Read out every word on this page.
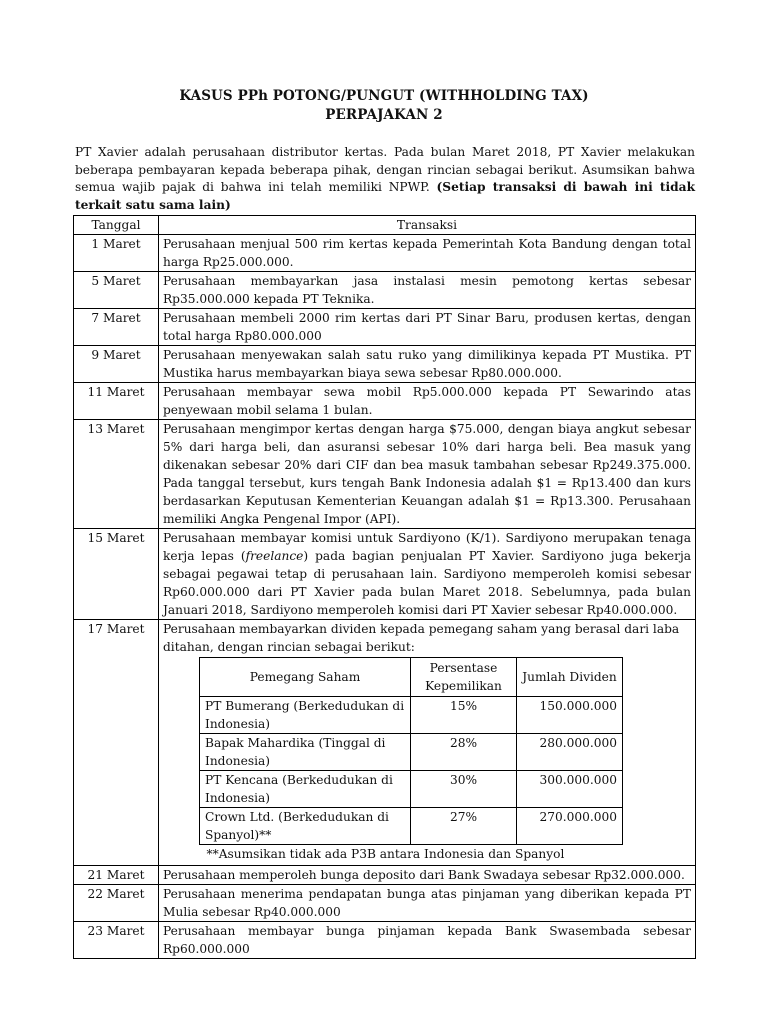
KASUS PPh POTONG/PUNGUT (WITHHOLDING TAX)
PERPAJAKAN 2
PT Xavier adalah perusahaan distributor kertas. Pada bulan Maret 2018, PT Xavier melakukan beberapa pembayaran kepada beberapa pihak, dengan rincian sebagai berikut. Asumsikan bahwa semua wajib pajak di bahwa ini telah memiliki NPWP. (Setiap transaksi di bawah ini tidak terkait satu sama lain)
Tanggal	Transaksi
1 Maret	Perusahaan menjual 500 rim kertas kepada Pemerintah Kota Bandung dengan total harga Rp25.000.000.
5 Maret	Perusahaan membayarkan jasa instalasi mesin pemotong kertas sebesar Rp35.000.000 kepada PT Teknika.
7 Maret	Perusahaan membeli 2000 rim kertas dari PT Sinar Baru, produsen kertas, dengan total harga Rp80.000.000
9 Maret	Perusahaan menyewakan salah satu ruko yang dimilikinya kepada PT Mustika. PT Mustika harus membayarkan biaya sewa sebesar Rp80.000.000.
11 Maret	Perusahaan membayar sewa mobil Rp5.000.000 kepada PT Sewarindo atas penyewaan mobil selama 1 bulan.
13 Maret	Perusahaan mengimpor kertas dengan harga $75.000, dengan biaya angkut sebesar 5% dari harga beli, dan asuransi sebesar 10% dari harga beli. Bea masuk yang dikenakan sebesar 20% dari CIF dan bea masuk tambahan sebesar Rp249.375.000. Pada tanggal tersebut, kurs tengah Bank Indonesia adalah $1 = Rp13.400 dan kurs berdasarkan Keputusan Kementerian Keuangan adalah $1 = Rp13.300. Perusahaan memiliki Angka Pengenal Impor (API).
15 Maret	Perusahaan membayar komisi untuk Sardiyono (K/1). Sardiyono merupakan tenaga kerja lepas (freelance) pada bagian penjualan PT Xavier. Sardiyono juga bekerja sebagai pegawai tetap di perusahaan lain. Sardiyono memperoleh komisi sebesar Rp60.000.000 dari PT Xavier pada bulan Maret 2018. Sebelumnya, pada bulan Januari 2018, Sardiyono memperoleh komisi dari PT Xavier sebesar Rp40.000.000.
17 Maret	Perusahaan membayarkan dividen kepada pemegang saham yang berasal dari laba ditahan, dengan rincian sebagai berikut:
Pemegang Saham	Persentase Kepemilikan	Jumlah Dividen
PT Bumerang (Berkedudukan di Indonesia)	15%	150.000.000
Bapak Mahardika (Tinggal di Indonesia)	28%	280.000.000
PT Kencana (Berkedudukan di Indonesia)	30%	300.000.000
Crown Ltd. (Berkedudukan di Spanyol)**	27%	270.000.000
**Asumsikan tidak ada P3B antara Indonesia dan Spanyol

21 Maret	Perusahaan memperoleh bunga deposito dari Bank Swadaya sebesar Rp32.000.000.
22 Maret	Perusahaan menerima pendapatan bunga atas pinjaman yang diberikan kepada PT Mulia sebesar Rp40.000.000
23 Maret	Perusahaan membayar bunga pinjaman kepada Bank Swasembada sebesar Rp60.000.000
